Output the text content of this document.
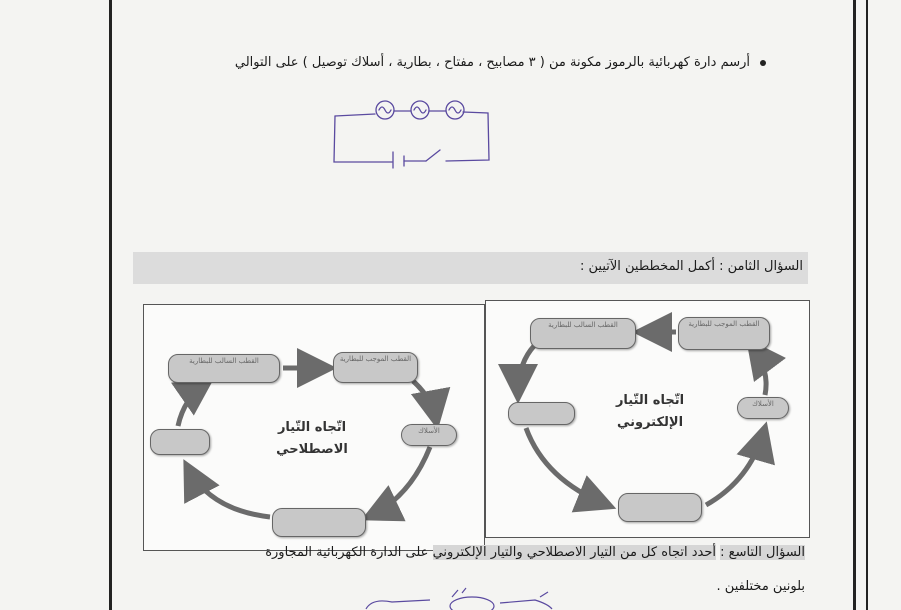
أرسم دارة كهربائية بالرموز مكونة من ( ٣ مصابيح ، مفتاح ، بطارية ، أسلاك توصيل ) على التوالي
السؤال الثامن : أكمل المخططين الآتيين :
القطب السالب للبطارية	القطب الموجب للبطارية
الأسلاك
اتّجاه التّيار
الاصطلاحي
القطب السالب للبطارية	القطب الموجب للبطارية
الأسلاك
اتّجاه التّيار
الإلكتروني
السؤال التاسع : أحدد اتجاه كل من التيار الاصطلاحي والتيار الإلكتروني على الدارة الكهربائية المجاورة
بلونين مختلفين .
